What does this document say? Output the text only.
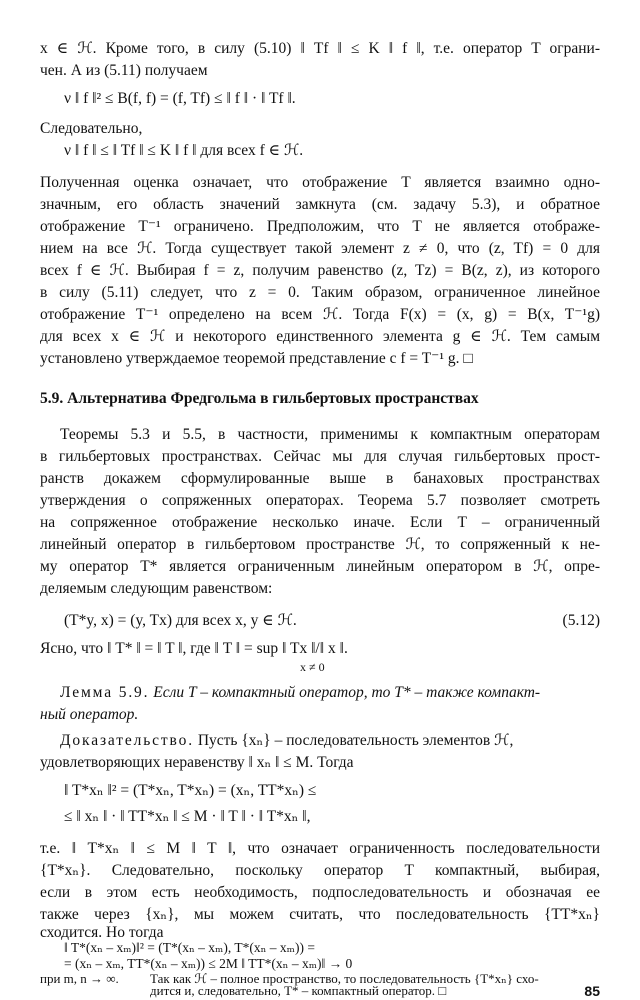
x ∈ ℋ. Кроме того, в силу (5.10) ‖ Tf ‖ ≤ K ‖ f ‖, т.е. оператор T ограни-
чен. А из (5.11) получаем
ν ‖ f ‖² ≤ B(f, f) = (f, Tf) ≤ ‖ f ‖ · ‖ Tf ‖.
Следовательно,
ν ‖ f ‖ ≤ ‖ Tf ‖ ≤ K ‖ f ‖ для всех f ∈ ℋ.
Полученная оценка означает, что отображение T является взаимно одно-
значным, его область значений замкнута (см. задачу 5.3), и обратное
отображение T⁻¹ ограничено. Предположим, что T не является отображе-
нием на все ℋ. Тогда существует такой элемент z ≠ 0, что (z, Tf) = 0 для
всех f ∈ ℋ. Выбирая f = z, получим равенство (z, Tz) = B(z, z), из которого
в силу (5.11) следует, что z = 0. Таким образом, ограниченное линейное
отображение T⁻¹ определено на всем ℋ. Тогда F(x) = (x, g) = B(x, T⁻¹g)
для всех x ∈ ℋ и некоторого единственного элемента g ∈ ℋ. Тем самым
установлено утверждаемое теоремой представление с f = T⁻¹ g. □
5.9. Альтернатива Фредгольма в гильбертовых пространствах
Теоремы 5.3 и 5.5, в частности, применимы к компактным операторам
в гильбертовых пространствах. Сейчас мы для случая гильбертовых прост-
ранств докажем сформулированные выше в банаховых пространствах
утверждения о сопряженных операторах. Теорема 5.7 позволяет смотреть
на сопряженное отображение несколько иначе. Если T – ограниченный
линейный оператор в гильбертовом пространстве ℋ, то сопряженный к не-
му оператор T* является ограниченным линейным оператором в ℋ, опре-
деляемым следующим равенством:
(T*y, x) = (y, Tx) для всех x, y ∈ ℋ.	(5.12)
Ясно, что ‖ T* ‖ = ‖ T ‖, где ‖ T ‖ = sup ‖ Tx ‖/‖ x ‖.
x ≠ 0
Лемма 5.9. Если T – компактный оператор, то T* – также компакт-
ный оператор.
Доказательство. Пусть {xₙ} – последовательность элементов ℋ,
удовлетворяющих неравенству ‖ xₙ ‖ ≤ M. Тогда
‖ T*xₙ ‖² = (T*xₙ, T*xₙ) = (xₙ, TT*xₙ) ≤
≤ ‖ xₙ ‖ · ‖ TT*xₙ ‖ ≤ M · ‖ T ‖ · ‖ T*xₙ ‖,
т.е. ‖ T*xₙ ‖ ≤ M ‖ T ‖, что означает ограниченность последовательности
{T*xₙ}. Следовательно, поскольку оператор T компактный, выбирая,
если в этом есть необходимость, подпоследовательность и обозначая ее
также через {xₙ}, мы можем считать, что последовательность {TT*xₙ}
сходится. Но тогда
‖ T*(xₙ – xₘ)‖² = (T*(xₙ – xₘ), T*(xₙ – xₘ)) =
= (xₙ – xₘ, TT*(xₙ – xₘ)) ≤ 2M ‖ TT*(xₙ – xₘ)‖ → 0
при m, n → ∞.	Так как ℋ – полное пространство, то последовательность {T*xₙ} схо-
дится и, следовательно, T* – компактный оператор. □	85
